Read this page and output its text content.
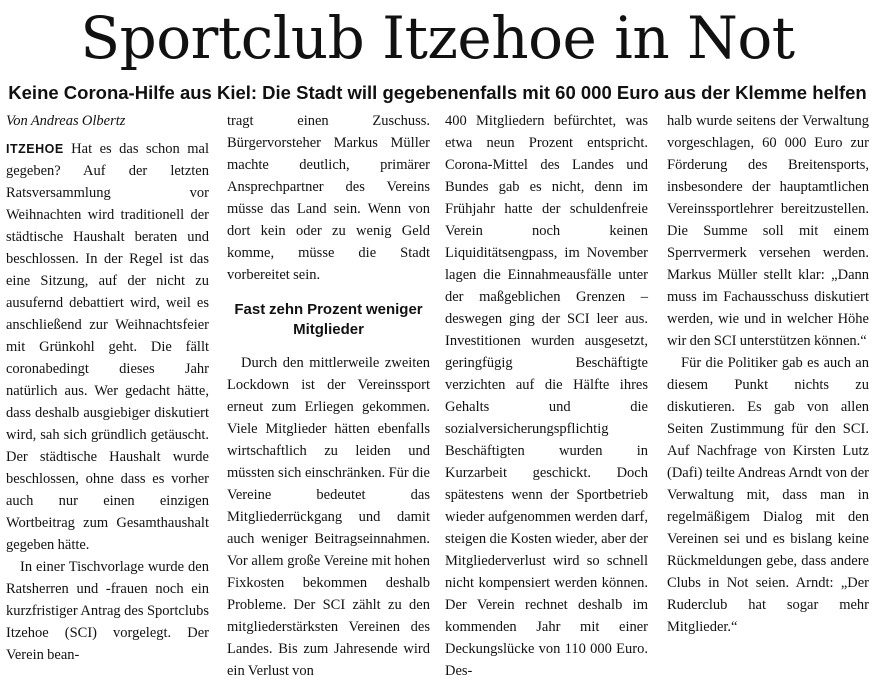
Sportclub Itzehoe in Not
Keine Corona-Hilfe aus Kiel: Die Stadt will gegebenenfalls mit 60 000 Euro aus der Klemme helfen
Von Andreas Olbertz

ITZEHOE Hat es das schon mal gegeben? Auf der letzten Ratsversammlung vor Weihnachten wird traditionell der städtische Haushalt beraten und beschlossen. In der Regel ist das eine Sitzung, auf der nicht zu ausufernd debattiert wird, weil es anschließend zur Weihnachtsfeier mit Grünkohl geht. Die fällt coronabedingt dieses Jahr natürlich aus. Wer gedacht hätte, dass deshalb ausgiebiger diskutiert wird, sah sich gründlich getäuscht. Der städtische Haushalt wurde beschlossen, ohne dass es vorher auch nur einen einzigen Wortbeitrag zum Gesamthaushalt gegeben hätte.

In einer Tischvorlage wurde den Ratsherren und -frauen noch ein kurzfristiger Antrag des Sportclubs Itzehoe (SCI) vorgelegt. Der Verein bean-

tragt einen Zuschuss. Bürgervorsteher Markus Müller machte deutlich, primärer Ansprechpartner des Vereins müsse das Land sein. Wenn von dort kein oder zu wenig Geld komme, müsse die Stadt vorbereitet sein.

Fast zehn Prozent weniger Mitglieder

Durch den mittlerweile zweiten Lockdown ist der Vereinssport erneut zum Erliegen gekommen. Viele Mitglieder hätten ebenfalls wirtschaftlich zu leiden und müssten sich einschränken. Für die Vereine bedeutet das Mitgliederrückgang und damit auch weniger Beitragseinnahmen. Vor allem große Vereine mit hohen Fixkosten bekommen deshalb Probleme. Der SCI zählt zu den mitgliederstärksten Vereinen des Landes. Bis zum Jahresende wird ein Verlust von

400 Mitgliedern befürchtet, was etwa neun Prozent entspricht. Corona-Mittel des Landes und Bundes gab es nicht, denn im Frühjahr hatte der schuldenfreie Verein noch keinen Liquiditätsengpass, im November lagen die Einnahmeausfälle unter der maßgeblichen Grenzen – deswegen ging der SCI leer aus. Investitionen wurden ausgesetzt, geringfügig Beschäftigte verzichten auf die Hälfte ihres Gehalts und die sozialversicherungspflichtig Beschäftigten wurden in Kurzarbeit geschickt. Doch spätestens wenn der Sportbetrieb wieder aufgenommen werden darf, steigen die Kosten wieder, aber der Mitgliederverlust wird so schnell nicht kompensiert werden können. Der Verein rechnet deshalb im kommenden Jahr mit einer Deckungslücke von 110 000 Euro. Des-

halb wurde seitens der Verwaltung vorgeschlagen, 60 000 Euro zur Förderung des Breitensports, insbesondere der hauptamtlichen Vereinssportlehrer bereitzustellen. Die Summe soll mit einem Sperrvermerk versehen werden. Markus Müller stellt klar: „Dann muss im Fachausschuss diskutiert werden, wie und in welcher Höhe wir den SCI unterstützen können.“

Für die Politiker gab es auch an diesem Punkt nichts zu diskutieren. Es gab von allen Seiten Zustimmung für den SCI. Auf Nachfrage von Kirsten Lutz (Dafi) teilte Andreas Arndt von der Verwaltung mit, dass man in regelmäßigem Dialog mit den Vereinen sei und es bislang keine Rückmeldungen gebe, dass andere Clubs in Not seien. Arndt: „Der Ruderclub hat sogar mehr Mitglieder.“
